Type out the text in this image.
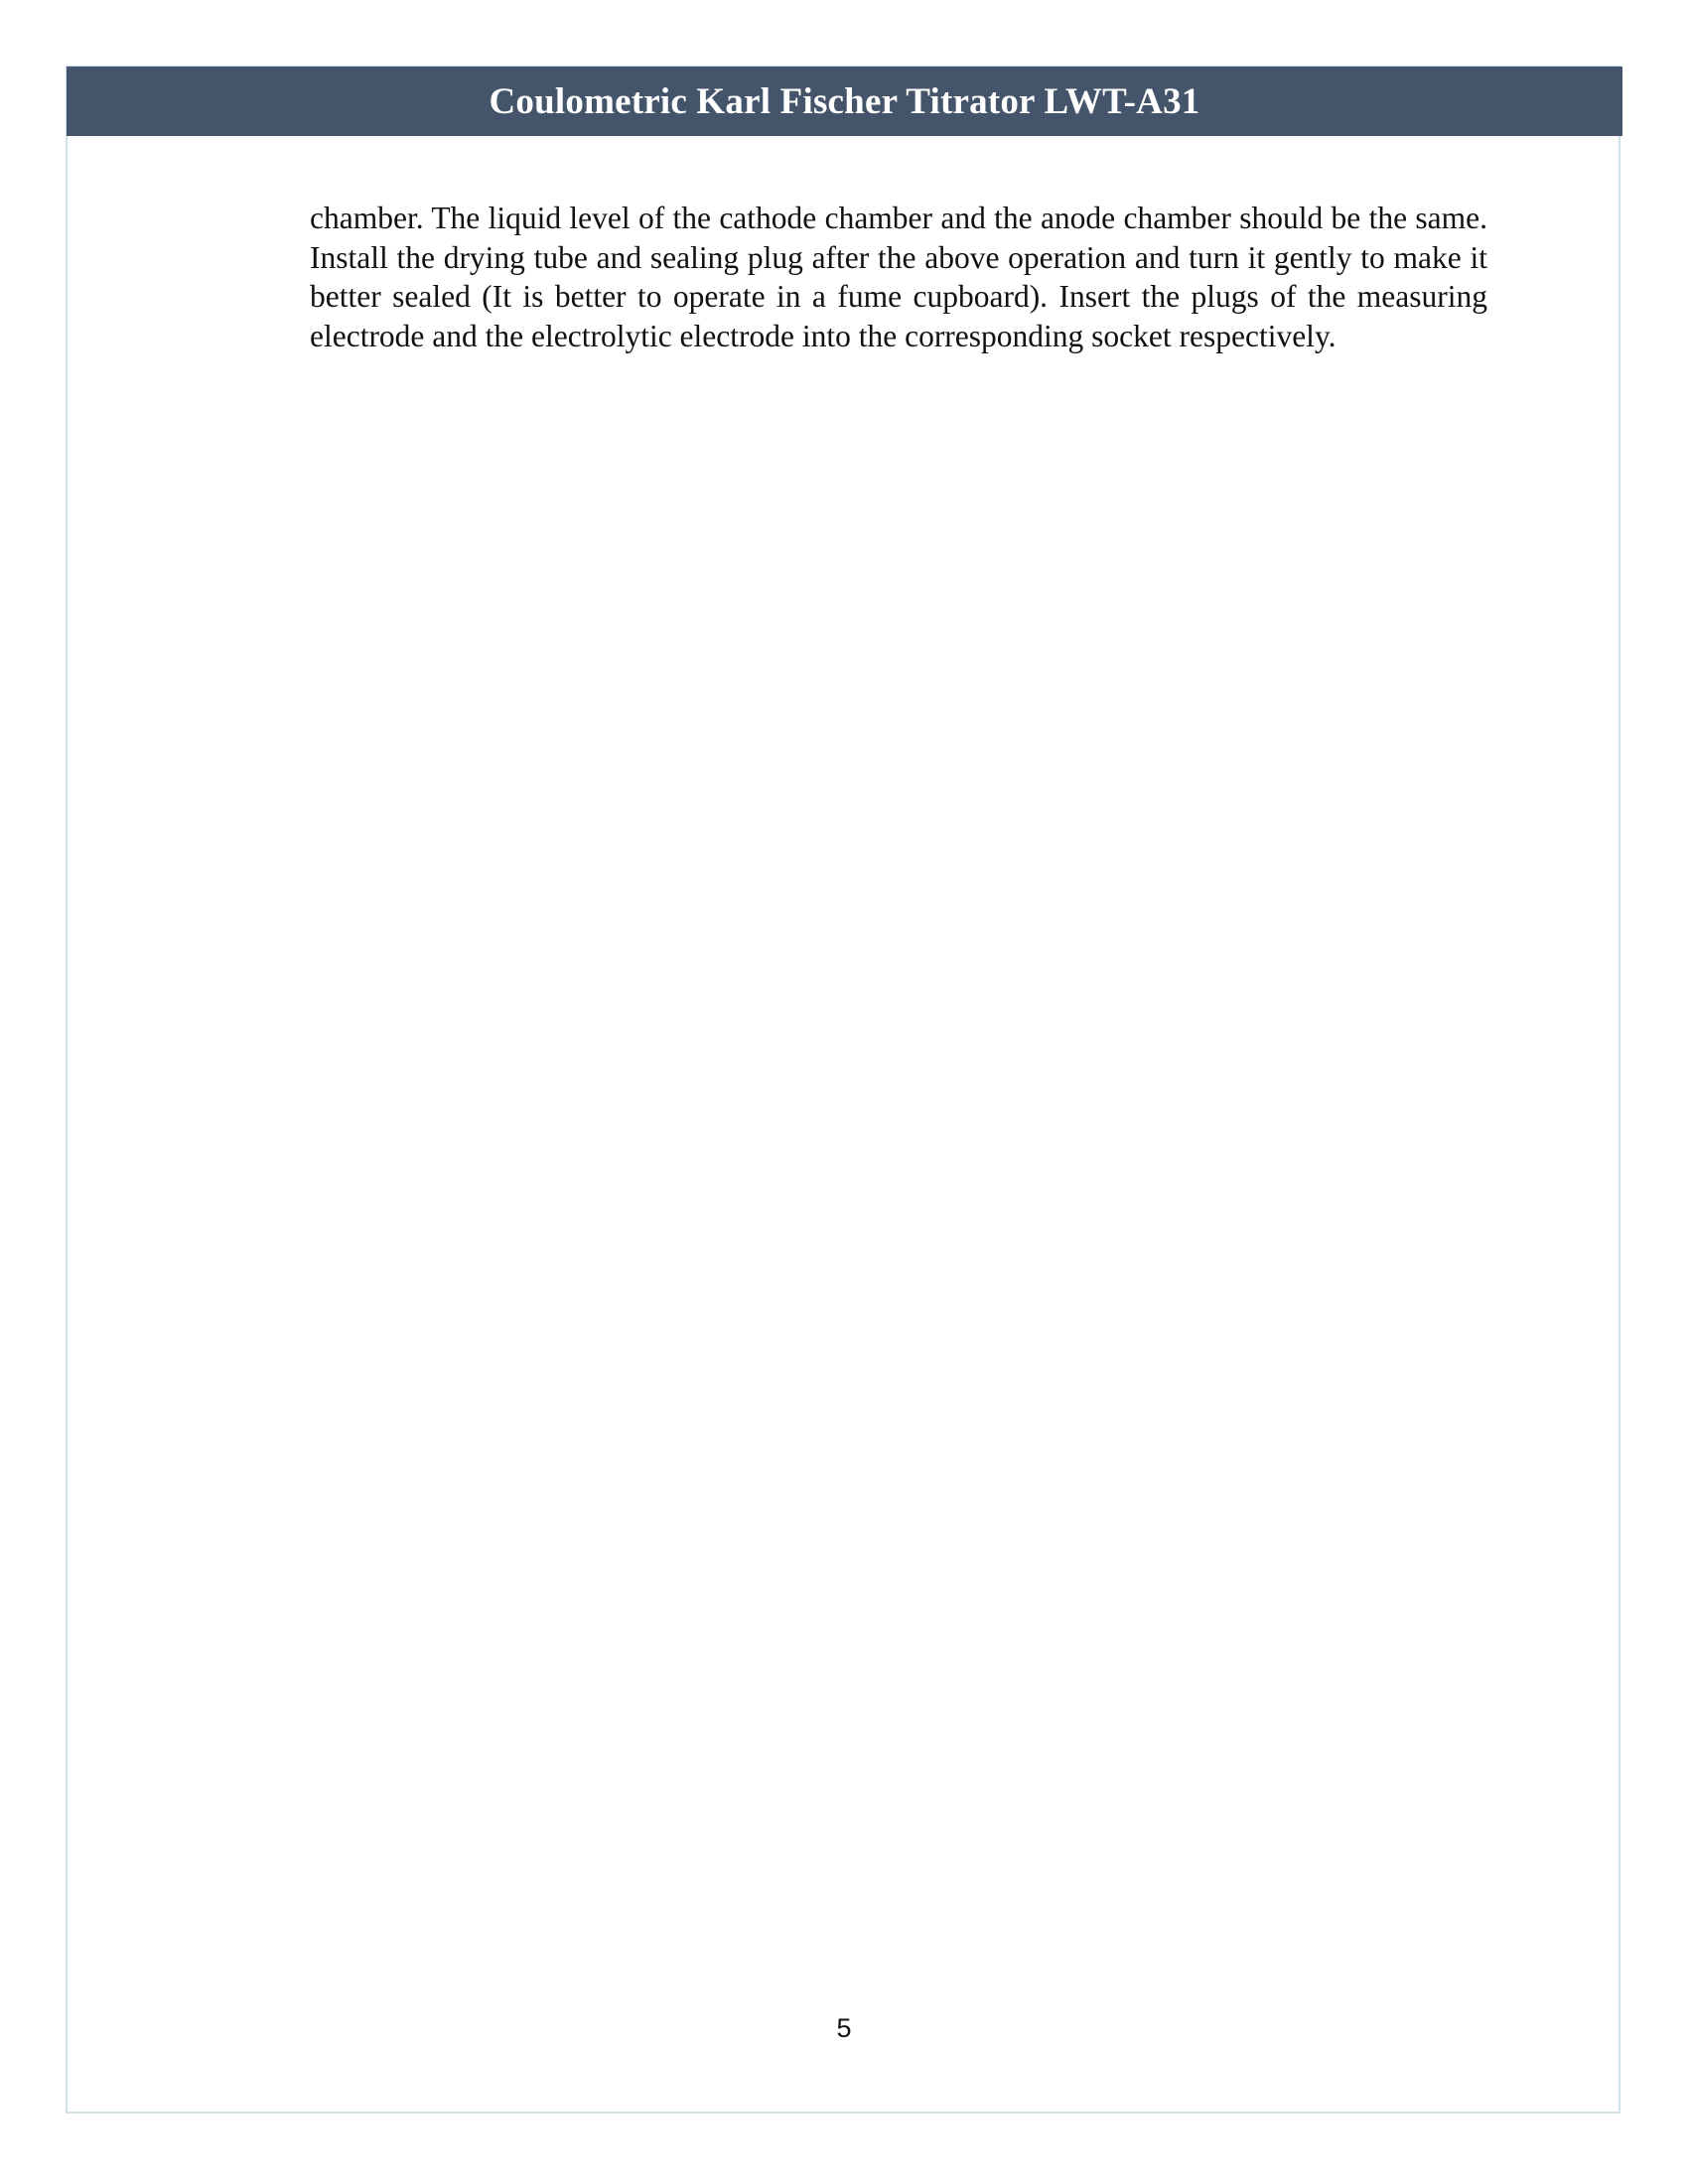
Coulometric Karl Fischer Titrator LWT-A31

chamber. The liquid level of the cathode chamber and the anode chamber should be the same. Install the drying tube and sealing plug after the above operation and turn it gently to make it better sealed (It is better to operate in a fume cupboard). Insert the plugs of the measuring electrode and the electrolytic electrode into the corresponding socket respectively.

5
